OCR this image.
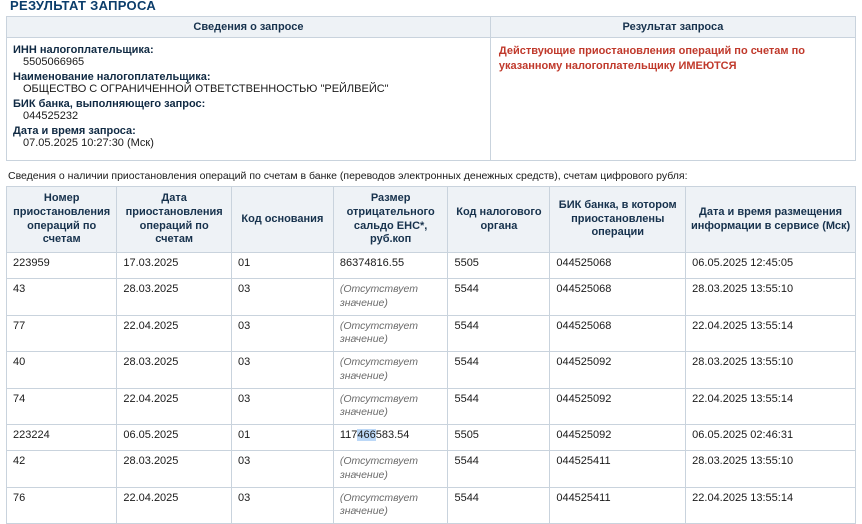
РЕЗУЛЬТАТ ЗАПРОСА
Сведения о запросе	Результат запроса

ИНН налогоплательщика:
5505066965
Наименование налогоплательщика:
ОБЩЕСТВО С ОГРАНИЧЕННОЙ ОТВЕТСТВЕННОСТЬЮ "РЕЙЛВЕЙС"
БИК банка, выполняющего запрос:
044525232
Дата и время запроса:
07.05.2025 10:27:30 (Мск)

Действующие приостановления операций по счетам по указанному налогоплательщику ИМЕЮТСЯ
Сведения о наличии приостановления операций по счетам в банке (переводов электронных денежных средств), счетам цифрового рубля:
Номер приостановления операций по счетам	Дата приостановления операций по счетам	Код основания	Размер отрицательного сальдо ЕНС*, руб.коп	Код налогового органа	БИК банка, в котором приостановлены операции	Дата и время размещения информации в сервисе (Мск)
223959	17.03.2025	01	86374816.55	5505	044525068	06.05.2025 12:45:05
43	28.03.2025	03	(Отсутствует значение)	5544	044525068	28.03.2025 13:55:10
77	22.04.2025	03	(Отсутствует значение)	5544	044525068	22.04.2025 13:55:14
40	28.03.2025	03	(Отсутствует значение)	5544	044525092	28.03.2025 13:55:10
74	22.04.2025	03	(Отсутствует значение)	5544	044525092	22.04.2025 13:55:14
223224	06.05.2025	01	117466583.54	5505	044525092	06.05.2025 02:46:31
42	28.03.2025	03	(Отсутствует значение)	5544	044525411	28.03.2025 13:55:10
76	22.04.2025	03	(Отсутствует значение)	5544	044525411	22.04.2025 13:55:14
